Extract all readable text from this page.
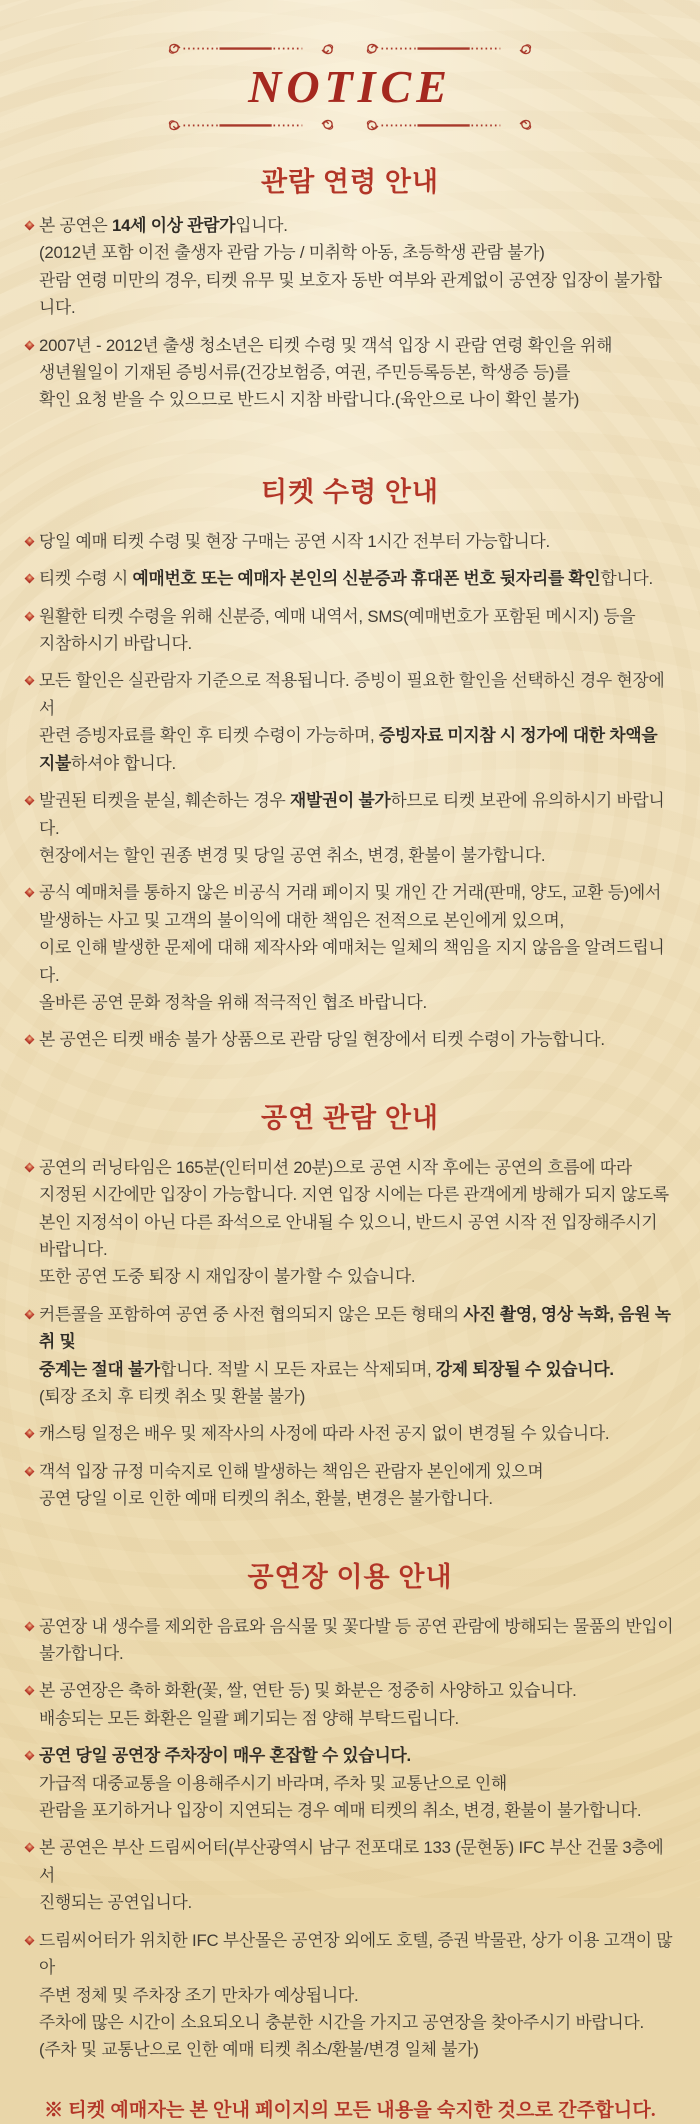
NOTICE
관람 연령 안내
본 공연은 14세 이상 관람가입니다.
(2012년 포함 이전 출생자 관람 가능 / 미취학 아동, 초등학생 관람 불가)
관람 연령 미만의 경우, 티켓 유무 및 보호자 동반 여부와 관계없이 공연장 입장이 불가합니다.
2007년 - 2012년 출생 청소년은 티켓 수령 및 객석 입장 시 관람 연령 확인을 위해
생년월일이 기재된 증빙서류(건강보험증, 여권, 주민등록등본, 학생증 등)를
확인 요청 받을 수 있으므로 반드시 지참 바랍니다.(육안으로 나이 확인 불가)
티켓 수령 안내
당일 예매 티켓 수령 및 현장 구매는 공연 시작 1시간 전부터 가능합니다.
티켓 수령 시 예매번호 또는 예매자 본인의 신분증과 휴대폰 번호 뒷자리를 확인합니다.
원활한 티켓 수령을 위해 신분증, 예매 내역서, SMS(예매번호가 포함된 메시지) 등을
지참하시기 바랍니다.
모든 할인은 실관람자 기준으로 적용됩니다. 증빙이 필요한 할인을 선택하신 경우 현장에서
관련 증빙자료를 확인 후 티켓 수령이 가능하며, 증빙자료 미지참 시 정가에 대한 차액을
지불하셔야 합니다.
발권된 티켓을 분실, 훼손하는 경우 재발권이 불가하므로 티켓 보관에 유의하시기 바랍니다.
현장에서는 할인 권종 변경 및 당일 공연 취소, 변경, 환불이 불가합니다.
공식 예매처를 통하지 않은 비공식 거래 페이지 및 개인 간 거래(판매, 양도, 교환 등)에서
발생하는 사고 및 고객의 불이익에 대한 책임은 전적으로 본인에게 있으며,
이로 인해 발생한 문제에 대해 제작사와 예매처는 일체의 책임을 지지 않음을 알려드립니다.
올바른 공연 문화 정착을 위해 적극적인 협조 바랍니다.
본 공연은 티켓 배송 불가 상품으로 관람 당일 현장에서 티켓 수령이 가능합니다.
공연 관람 안내
공연의 러닝타임은 165분(인터미션 20분)으로 공연 시작 후에는 공연의 흐름에 따라
지정된 시간에만 입장이 가능합니다. 지연 입장 시에는 다른 관객에게 방해가 되지 않도록
본인 지정석이 아닌 다른 좌석으로 안내될 수 있으니, 반드시 공연 시작 전 입장해주시기 바랍니다.
또한 공연 도중 퇴장 시 재입장이 불가할 수 있습니다.
커튼콜을 포함하여 공연 중 사전 협의되지 않은 모든 형태의 사진 촬영, 영상 녹화, 음원 녹취 및
중계는 절대 불가합니다. 적발 시 모든 자료는 삭제되며, 강제 퇴장될 수 있습니다.
(퇴장 조치 후 티켓 취소 및 환불 불가)
캐스팅 일정은 배우 및 제작사의 사정에 따라 사전 공지 없이 변경될 수 있습니다.
객석 입장 규정 미숙지로 인해 발생하는 책임은 관람자 본인에게 있으며
공연 당일 이로 인한 예매 티켓의 취소, 환불, 변경은 불가합니다.
공연장 이용 안내
공연장 내 생수를 제외한 음료와 음식물 및 꽃다발 등 공연 관람에 방해되는 물품의 반입이
불가합니다.
본 공연장은 축하 화환(꽃, 쌀, 연탄 등) 및 화분은 정중히 사양하고 있습니다.
배송되는 모든 화환은 일괄 폐기되는 점 양해 부탁드립니다.
공연 당일 공연장 주차장이 매우 혼잡할 수 있습니다.
가급적 대중교통을 이용해주시기 바라며, 주차 및 교통난으로 인해
관람을 포기하거나 입장이 지연되는 경우 예매 티켓의 취소, 변경, 환불이 불가합니다.
본 공연은 부산 드림씨어터(부산광역시 남구 전포대로 133 (문현동) IFC 부산 건물 3층에서
진행되는 공연입니다.
드림씨어터가 위치한 IFC 부산몰은 공연장 외에도 호텔, 증권 박물관, 상가 이용 고객이 많아
주변 정체 및 주차장 조기 만차가 예상됩니다.
주차에 많은 시간이 소요되오니 충분한 시간을 가지고 공연장을 찾아주시기 바랍니다.
(주차 및 교통난으로 인한 예매 티켓 취소/환불/변경 일체 불가)
※ 티켓 예매자는 본 안내 페이지의 모든 내용을 숙지한 것으로 간주합니다.
